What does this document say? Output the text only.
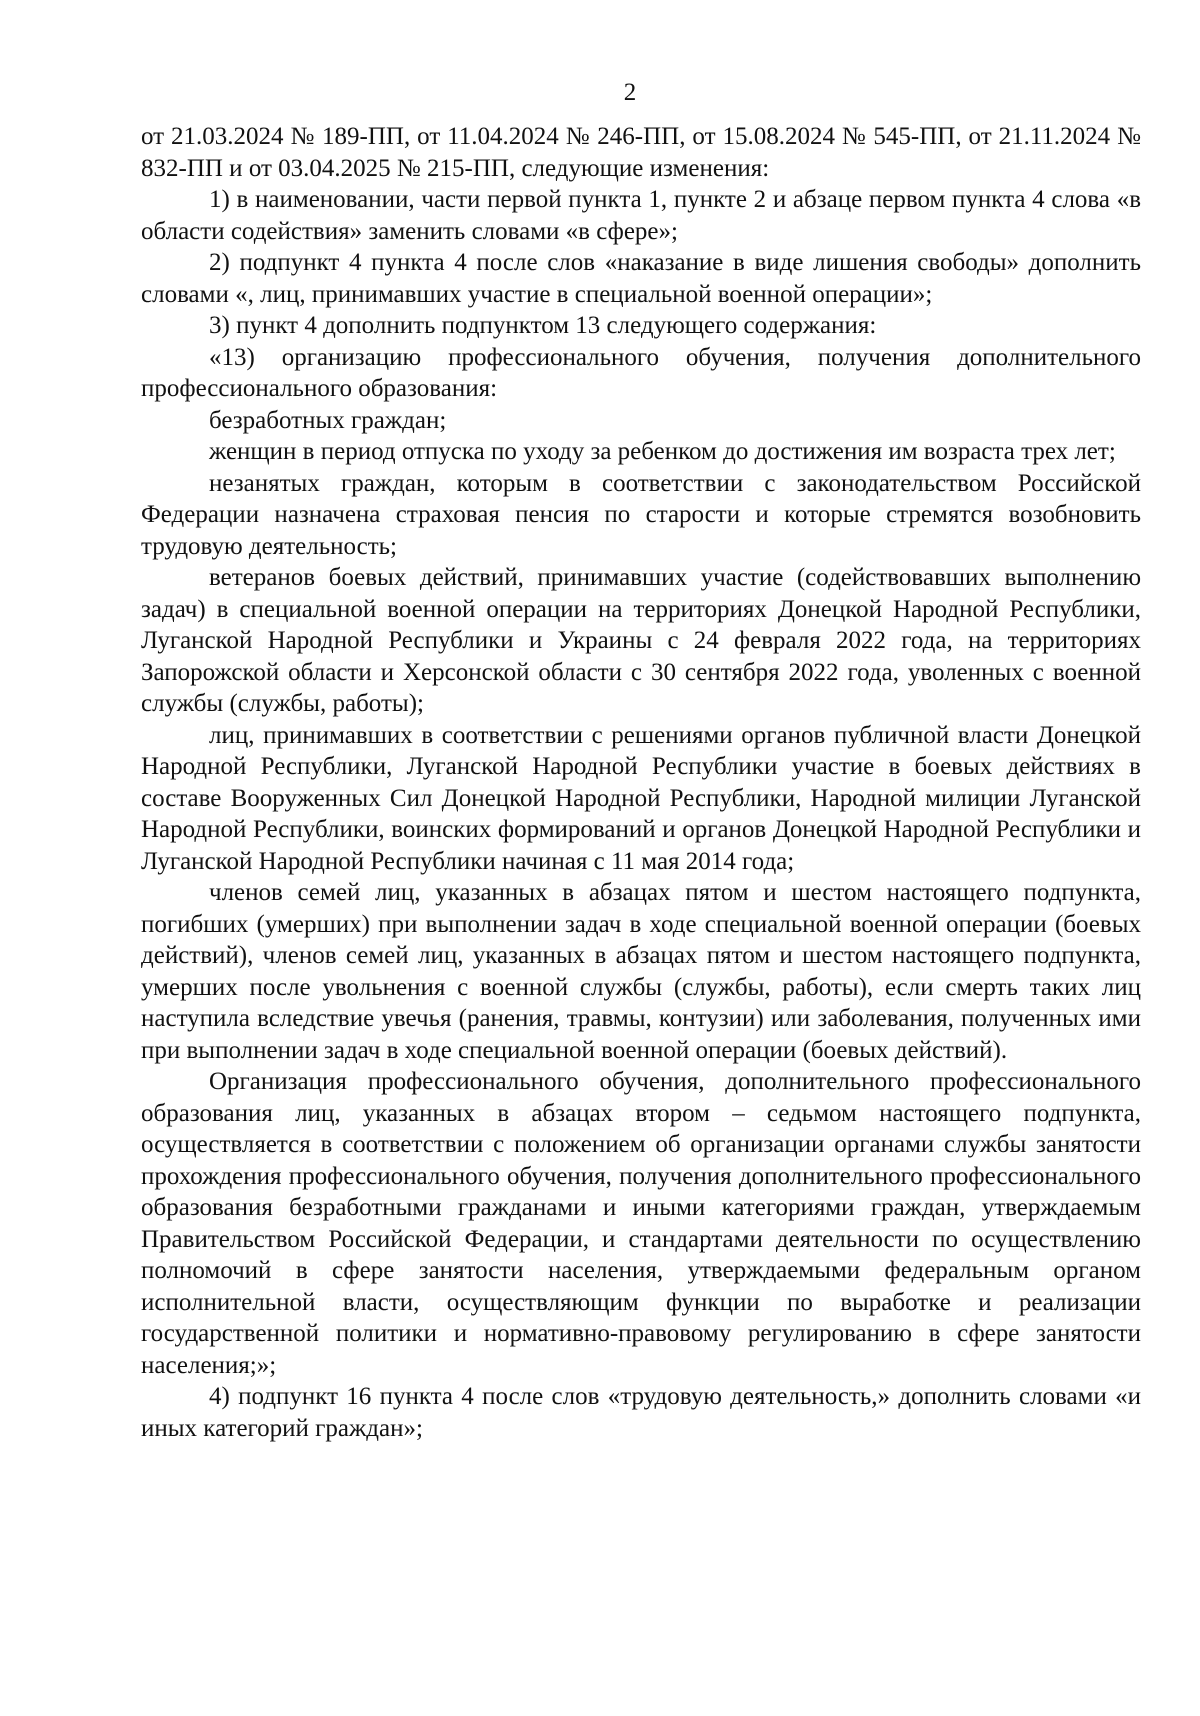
2

от 21.03.2024 № 189-ПП, от 11.04.2024 № 246-ПП, от 15.08.2024 № 545-ПП, от 21.11.2024 № 832-ПП и от 03.04.2025 № 215-ПП, следующие изменения:

1) в наименовании, части первой пункта 1, пункте 2 и абзаце первом пункта 4 слова «в области содействия» заменить словами «в сфере»;

2) подпункт 4 пункта 4 после слов «наказание в виде лишения свободы» дополнить словами «, лиц, принимавших участие в специальной военной операции»;

3) пункт 4 дополнить подпунктом 13 следующего содержания:

«13) организацию профессионального обучения, получения дополнительного профессионального образования:

безработных граждан;

женщин в период отпуска по уходу за ребенком до достижения им возраста трех лет;

незанятых граждан, которым в соответствии с законодательством Российской Федерации назначена страховая пенсия по старости и которые стремятся возобновить трудовую деятельность;

ветеранов боевых действий, принимавших участие (содействовавших выполнению задач) в специальной военной операции на территориях Донецкой Народной Республики, Луганской Народной Республики и Украины с 24 февраля 2022 года, на территориях Запорожской области и Херсонской области с 30 сентября 2022 года, уволенных с военной службы (службы, работы);

лиц, принимавших в соответствии с решениями органов публичной власти Донецкой Народной Республики, Луганской Народной Республики участие в боевых действиях в составе Вооруженных Сил Донецкой Народной Республики, Народной милиции Луганской Народной Республики, воинских формирований и органов Донецкой Народной Республики и Луганской Народной Республики начиная с 11 мая 2014 года;

членов семей лиц, указанных в абзацах пятом и шестом настоящего подпункта, погибших (умерших) при выполнении задач в ходе специальной военной операции (боевых действий), членов семей лиц, указанных в абзацах пятом и шестом настоящего подпункта, умерших после увольнения с военной службы (службы, работы), если смерть таких лиц наступила вследствие увечья (ранения, травмы, контузии) или заболевания, полученных ими при выполнении задач в ходе специальной военной операции (боевых действий).

Организация профессионального обучения, дополнительного профессионального образования лиц, указанных в абзацах втором – седьмом настоящего подпункта, осуществляется в соответствии с положением об организации органами службы занятости прохождения профессионального обучения, получения дополнительного профессионального образования безработными гражданами и иными категориями граждан, утверждаемым Правительством Российской Федерации, и стандартами деятельности по осуществлению полномочий в сфере занятости населения, утверждаемыми федеральным органом исполнительной власти, осуществляющим функции по выработке и реализации государственной политики и нормативно-правовому регулированию в сфере занятости населения;»;

4) подпункт 16 пункта 4 после слов «трудовую деятельность,» дополнить словами «и иных категорий граждан»;
